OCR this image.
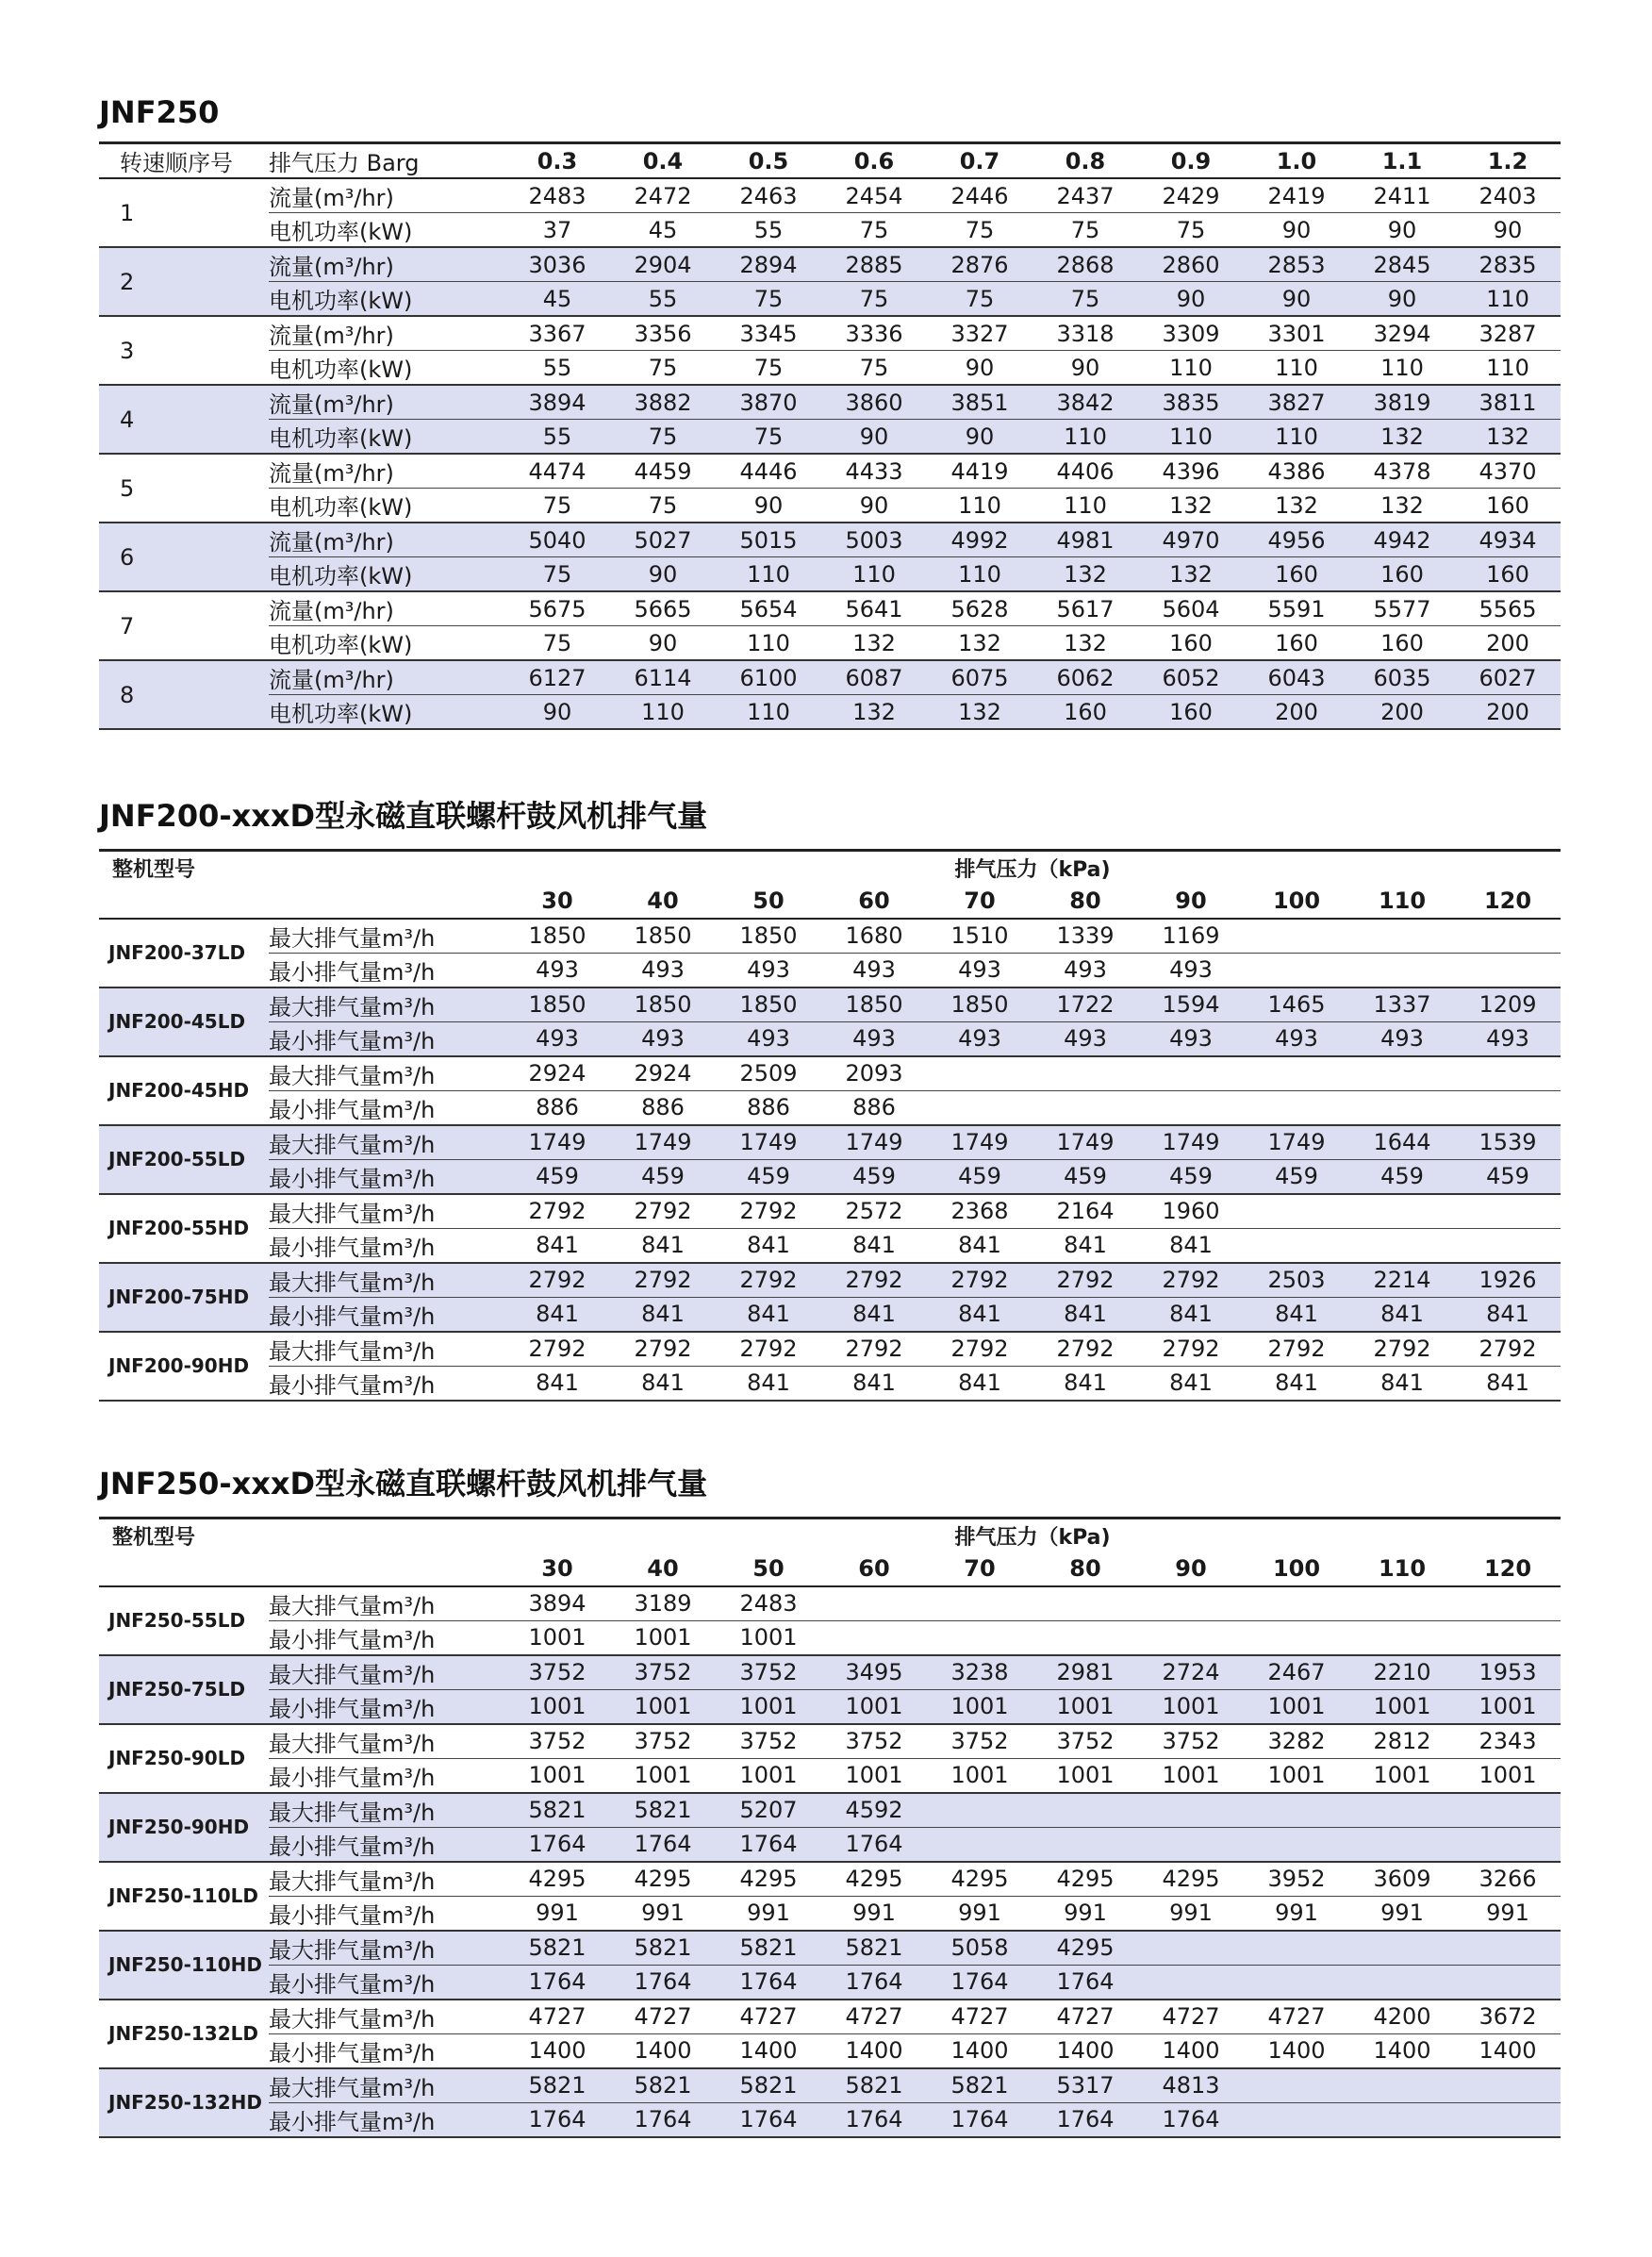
JNF250
转速顺序号	排气压力 Barg	0.3	0.4	0.5	0.6	0.7	0.8	0.9	1.0	1.1	1.2
1	流量(m³/hr)	2483	2472	2463	2454	2446	2437	2429	2419	2411	2403
	电机功率(kW)	37	45	55	75	75	75	75	90	90	90
2	流量(m³/hr)	3036	2904	2894	2885	2876	2868	2860	2853	2845	2835
	电机功率(kW)	45	55	75	75	75	75	90	90	90	110
3	流量(m³/hr)	3367	3356	3345	3336	3327	3318	3309	3301	3294	3287
	电机功率(kW)	55	75	75	75	90	90	110	110	110	110
4	流量(m³/hr)	3894	3882	3870	3860	3851	3842	3835	3827	3819	3811
	电机功率(kW)	55	75	75	90	90	110	110	110	132	132
5	流量(m³/hr)	4474	4459	4446	4433	4419	4406	4396	4386	4378	4370
	电机功率(kW)	75	75	90	90	110	110	132	132	132	160
6	流量(m³/hr)	5040	5027	5015	5003	4992	4981	4970	4956	4942	4934
	电机功率(kW)	75	90	110	110	110	132	132	160	160	160
7	流量(m³/hr)	5675	5665	5654	5641	5628	5617	5604	5591	5577	5565
	电机功率(kW)	75	90	110	132	132	132	160	160	160	200
8	流量(m³/hr)	6127	6114	6100	6087	6075	6062	6052	6043	6035	6027
	电机功率(kW)	90	110	110	132	132	160	160	200	200	200
JNF200-xxxD型永磁直联螺杆鼓风机排气量
整机型号		排气压力（kPa)									
		30	40	50	60	70	80	90	100	110	120
JNF200-37LD	最大排气量m³/h	1850	1850	1850	1680	1510	1339	1169			
	最小排气量m³/h	493	493	493	493	493	493	493			
JNF200-45LD	最大排气量m³/h	1850	1850	1850	1850	1850	1722	1594	1465	1337	1209
	最小排气量m³/h	493	493	493	493	493	493	493	493	493	493
JNF200-45HD	最大排气量m³/h	2924	2924	2509	2093						
	最小排气量m³/h	886	886	886	886						
JNF200-55LD	最大排气量m³/h	1749	1749	1749	1749	1749	1749	1749	1749	1644	1539
	最小排气量m³/h	459	459	459	459	459	459	459	459	459	459
JNF200-55HD	最大排气量m³/h	2792	2792	2792	2572	2368	2164	1960			
	最小排气量m³/h	841	841	841	841	841	841	841			
JNF200-75HD	最大排气量m³/h	2792	2792	2792	2792	2792	2792	2792	2503	2214	1926
	最小排气量m³/h	841	841	841	841	841	841	841	841	841	841
JNF200-90HD	最大排气量m³/h	2792	2792	2792	2792	2792	2792	2792	2792	2792	2792
	最小排气量m³/h	841	841	841	841	841	841	841	841	841	841
JNF250-xxxD型永磁直联螺杆鼓风机排气量
整机型号		排气压力（kPa)									
		30	40	50	60	70	80	90	100	110	120
JNF250-55LD	最大排气量m³/h	3894	3189	2483							
	最小排气量m³/h	1001	1001	1001							
JNF250-75LD	最大排气量m³/h	3752	3752	3752	3495	3238	2981	2724	2467	2210	1953
	最小排气量m³/h	1001	1001	1001	1001	1001	1001	1001	1001	1001	1001
JNF250-90LD	最大排气量m³/h	3752	3752	3752	3752	3752	3752	3752	3282	2812	2343
	最小排气量m³/h	1001	1001	1001	1001	1001	1001	1001	1001	1001	1001
JNF250-90HD	最大排气量m³/h	5821	5821	5207	4592						
	最小排气量m³/h	1764	1764	1764	1764						
JNF250-110LD	最大排气量m³/h	4295	4295	4295	4295	4295	4295	4295	3952	3609	3266
	最小排气量m³/h	991	991	991	991	991	991	991	991	991	991
JNF250-110HD	最大排气量m³/h	5821	5821	5821	5821	5058	4295				
	最小排气量m³/h	1764	1764	1764	1764	1764	1764				
JNF250-132LD	最大排气量m³/h	4727	4727	4727	4727	4727	4727	4727	4727	4200	3672
	最小排气量m³/h	1400	1400	1400	1400	1400	1400	1400	1400	1400	1400
JNF250-132HD	最大排气量m³/h	5821	5821	5821	5821	5821	5317	4813			
	最小排气量m³/h	1764	1764	1764	1764	1764	1764	1764			
